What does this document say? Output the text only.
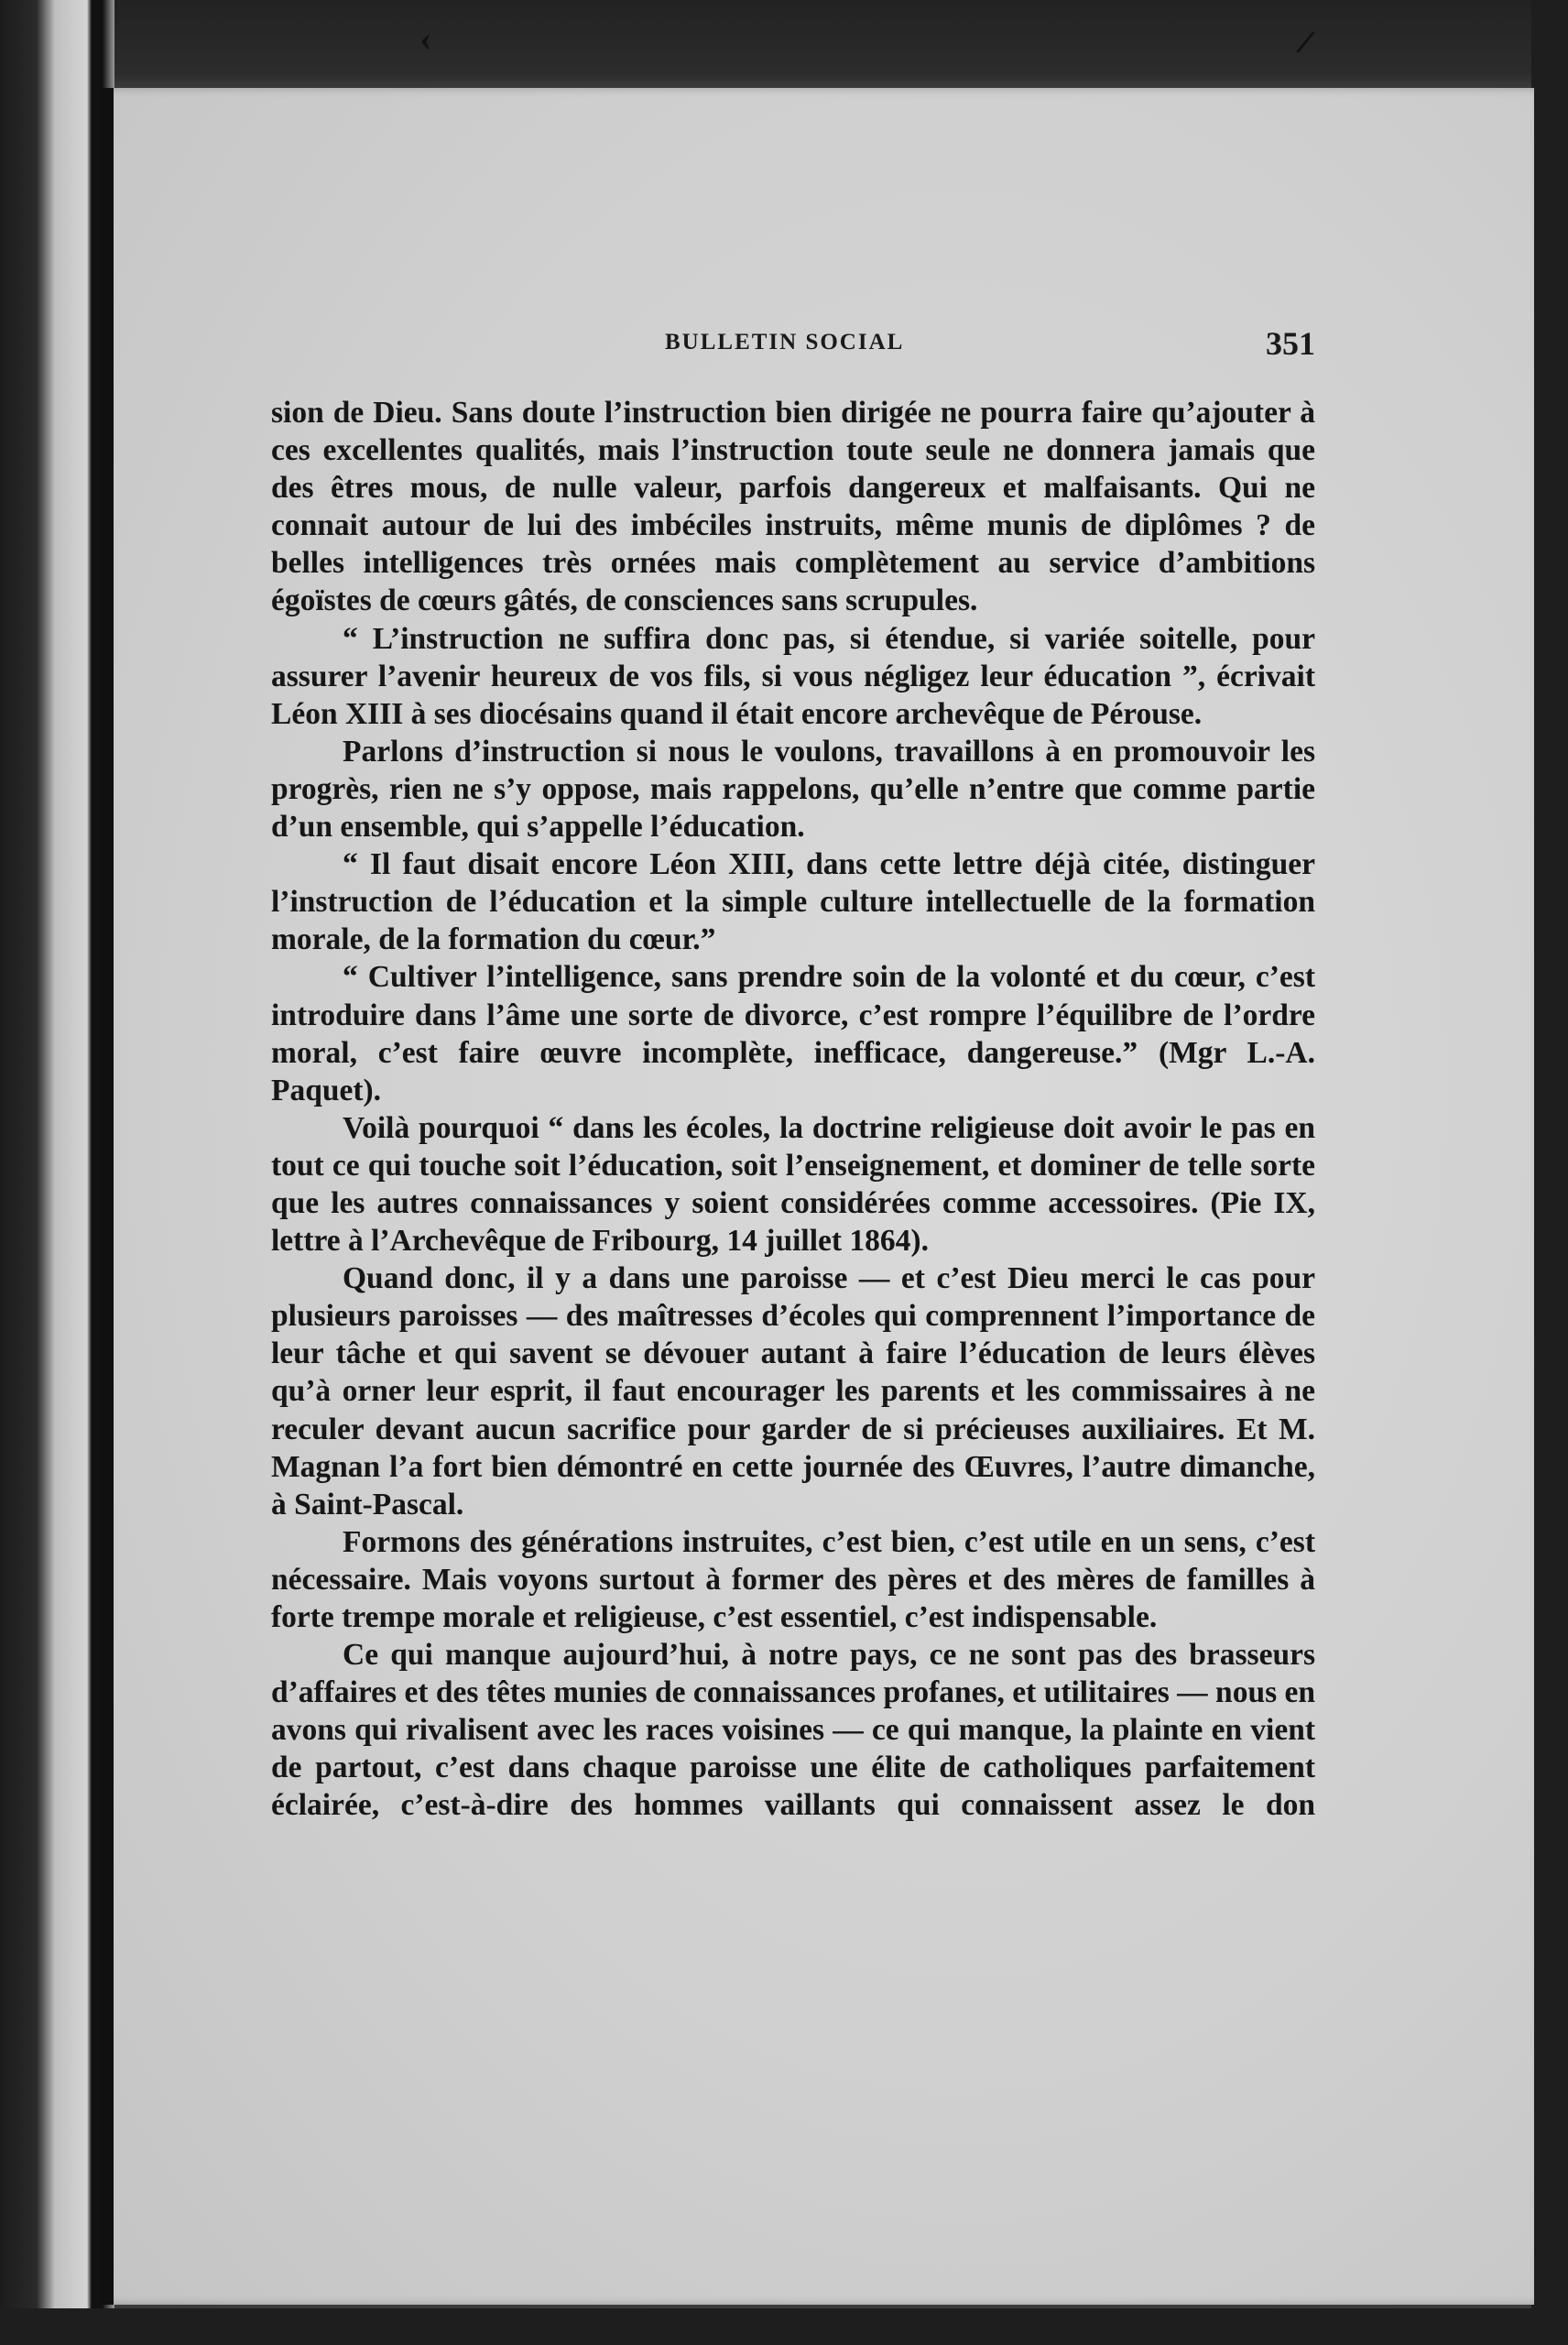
‹	/
BULLETIN SOCIAL	351

sion de Dieu. Sans doute l’instruction bien dirigée ne pourra faire qu’ajouter à ces excellentes qualités, mais l’instruction toute seule ne donnera jamais que des êtres mous, de nulle valeur, parfois dangereux et malfaisants. Qui ne connait autour de lui des imbéciles instruits, même munis de diplômes ? de belles intelligences très ornées mais complètement au service d’ambitions égoïstes de cœurs gâtés, de consciences sans scrupules.

“ L’instruction ne suffira donc pas, si étendue, si variée soitelle, pour assurer l’avenir heureux de vos fils, si vous négligez leur éducation ”, écrivait Léon XIII à ses diocésains quand il était encore archevêque de Pérouse.

Parlons d’instruction si nous le voulons, travaillons à en promouvoir les progrès, rien ne s’y oppose, mais rappelons, qu’elle n’entre que comme partie d’un ensemble, qui s’appelle l’éducation.

“ Il faut disait encore Léon XIII, dans cette lettre déjà citée, distinguer l’instruction de l’éducation et la simple culture intellectuelle de la formation morale, de la formation du cœur.”

“ Cultiver l’intelligence, sans prendre soin de la volonté et du cœur, c’est introduire dans l’âme une sorte de divorce, c’est rompre l’équilibre de l’ordre moral, c’est faire œuvre incomplète, inefficace, dangereuse.” (Mgr L.-A. Paquet).

Voilà pourquoi “ dans les écoles, la doctrine religieuse doit avoir le pas en tout ce qui touche soit l’éducation, soit l’enseignement, et dominer de telle sorte que les autres connaissances y soient considérées comme accessoires. (Pie IX, lettre à l’Archevêque de Fribourg, 14 juillet 1864).

Quand donc, il y a dans une paroisse — et c’est Dieu merci le cas pour plusieurs paroisses — des maîtresses d’écoles qui comprennent l’importance de leur tâche et qui savent se dévouer autant à faire l’éducation de leurs élèves qu’à orner leur esprit, il faut encourager les parents et les commissaires à ne reculer devant aucun sacrifice pour garder de si précieuses auxiliaires. Et M. Magnan l’a fort bien démontré en cette journée des Œuvres, l’autre dimanche, à Saint-Pascal.

Formons des générations instruites, c’est bien, c’est utile en un sens, c’est nécessaire. Mais voyons surtout à former des pères et des mères de familles à forte trempe morale et religieuse, c’est essentiel, c’est indispensable.

Ce qui manque aujourd’hui, à notre pays, ce ne sont pas des brasseurs d’affaires et des têtes munies de connaissances profanes, et utilitaires — nous en avons qui rivalisent avec les races voisines — ce qui manque, la plainte en vient de partout, c’est dans chaque paroisse une élite de catholiques parfaitement éclairée, c’est-à-dire des hommes vaillants qui connaissent assez le don
